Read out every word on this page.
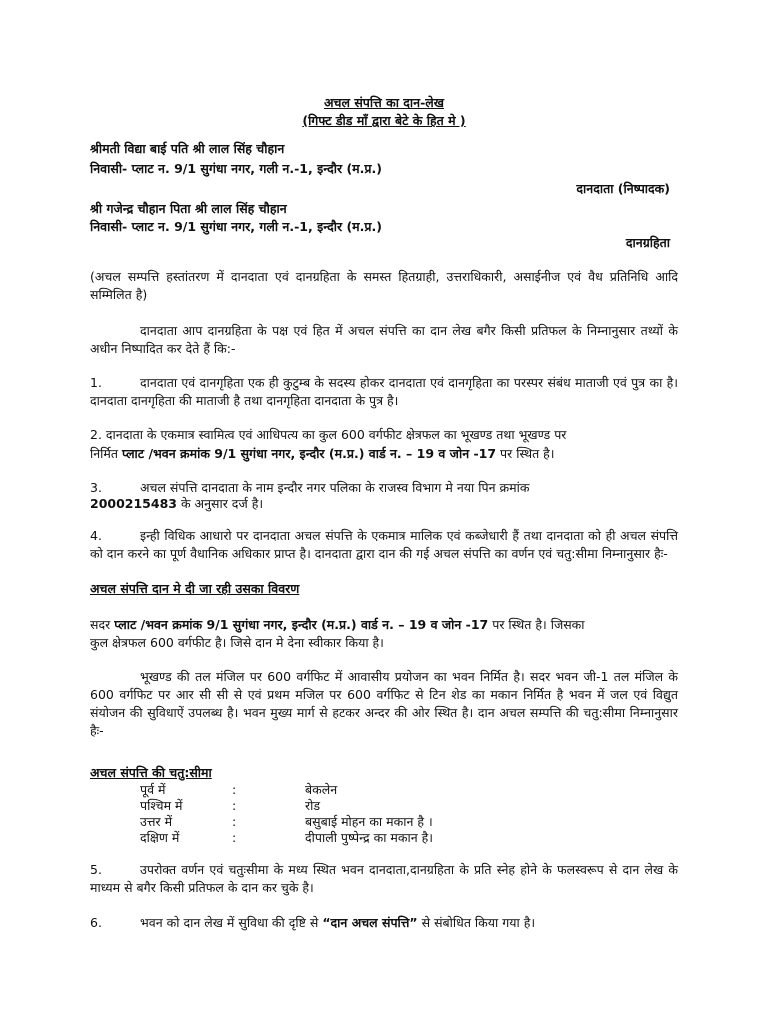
अचल संपत्ति का दान-लेख
(गिफ्ट डीड माँ द्वारा बेटे के हित मे )
श्रीमती विद्या बाई पति श्री लाल सिंह चौहान
निवासी- प्लाट न. 9/1 सुगंधा नगर, गली न.-1, इन्दौर (म.प्र.)
दानदाता (निष्पादक)
श्री गजेन्द्र चौहान पिता श्री लाल सिंह चौहान
निवासी- प्लाट न. 9/1 सुगंधा नगर, गली न.-1, इन्दौर (म.प्र.)
दानग्रहिता
(अचल सम्पत्ति हस्तांतरण में दानदाता एवं दानग्रहिता के समस्त हितग्राही, उत्तराधिकारी, असाईनीज एवं वैध प्रतिनिधि आदि सम्मिलित है)
दानदाता आप दानग्रहिता के पक्ष एवं हित में अचल संपत्ति का दान लेख बगैर किसी प्रतिफल के निम्नानुसार तथ्यों के अधीन निष्पादित कर देते हैं कि:-
1.	दानदाता एवं दानगृहिता एक ही कुटुम्ब के सदस्य होकर दानदाता एवं दानगृहिता का परस्पर संबंध माताजी एवं पुत्र का है। दानदाता दानगृहिता की माताजी है तथा दानगृहिता दानदाता के पुत्र है।
2. दानदाता के एकमात्र स्वामित्व एवं आधिपत्य का कुल 600 वर्गफीट क्षेत्रफल का भूखण्ड तथा भूखण्ड पर
निर्मित प्लाट /भवन क्रमांक 9/1 सुगंधा नगर, इन्दौर (म.प्र.) वार्ड न. – 19 व जोन -17 पर स्थित है।
3.	अचल संपत्ति दानदाता के नाम इन्दौर नगर पलिका के राजस्व विभाग मे नया पिन क्रमांक
2000215483 के अनुसार दर्ज है।
4.	इन्ही विधिक आधारो पर दानदाता अचल संपत्ति के एकमात्र मालिक एवं कब्जेधारी हैं तथा दानदाता को ही अचल संपत्ति को दान करने का पूर्ण वैधानिक अधिकार प्राप्त है। दानदाता द्वारा दान की गई अचल संपत्ति का वर्णन एवं चतु:सीमा निम्नानुसार हैः-
अचल संपत्ति दान मे दी जा रही उसका विवरण
सदर प्लाट /भवन क्रमांक 9/1 सुगंधा नगर, इन्दौर (म.प्र.) वार्ड न. – 19 व जोन -17 पर स्थित है। जिसका
कुल क्षेत्रफल 600 वर्गफीट है। जिसे दान मे देना स्वीकार किया है।
भूखण्ड की तल मंजिल पर 600 वर्गफिट में आवासीय प्रयोजन का भवन निर्मित है। सदर भवन जी-1 तल मंजिल के 600 वर्गफिट पर आर सी सी से एवं प्रथम मजिल पर 600 वर्गफिट से टिन शेड का मकान निर्मित है भवन में जल एवं विद्युत संयोजन की सुविधाऐं उपलब्ध है। भवन मुख्य मार्ग से हटकर अन्दर की ओर स्थित है। दान अचल सम्पत्ति की चतु:सीमा निम्नानुसार हैः-
अचल संपत्ति की चतु:सीमा
पूर्व में	:	बेकलेन
पश्चिम में	:	रोड
उत्तर में	:	बसुबाई मोहन का मकान है ।
दक्षिण में	:	दीपाली पुष्पेन्द्र का मकान है।
5.	उपरोक्त वर्णन एवं चतुःसीमा के मध्य स्थित भवन दानदाता,दानग्रहिता के प्रति स्नेह होने के फलस्वरूप से दान लेख के माध्यम से बगैर किसी प्रतिफल के दान कर चुके है।
6.	भवन को दान लेख में सुविधा की दृष्टि से “दान अचल संपत्ति” से संबोधित किया गया है।
